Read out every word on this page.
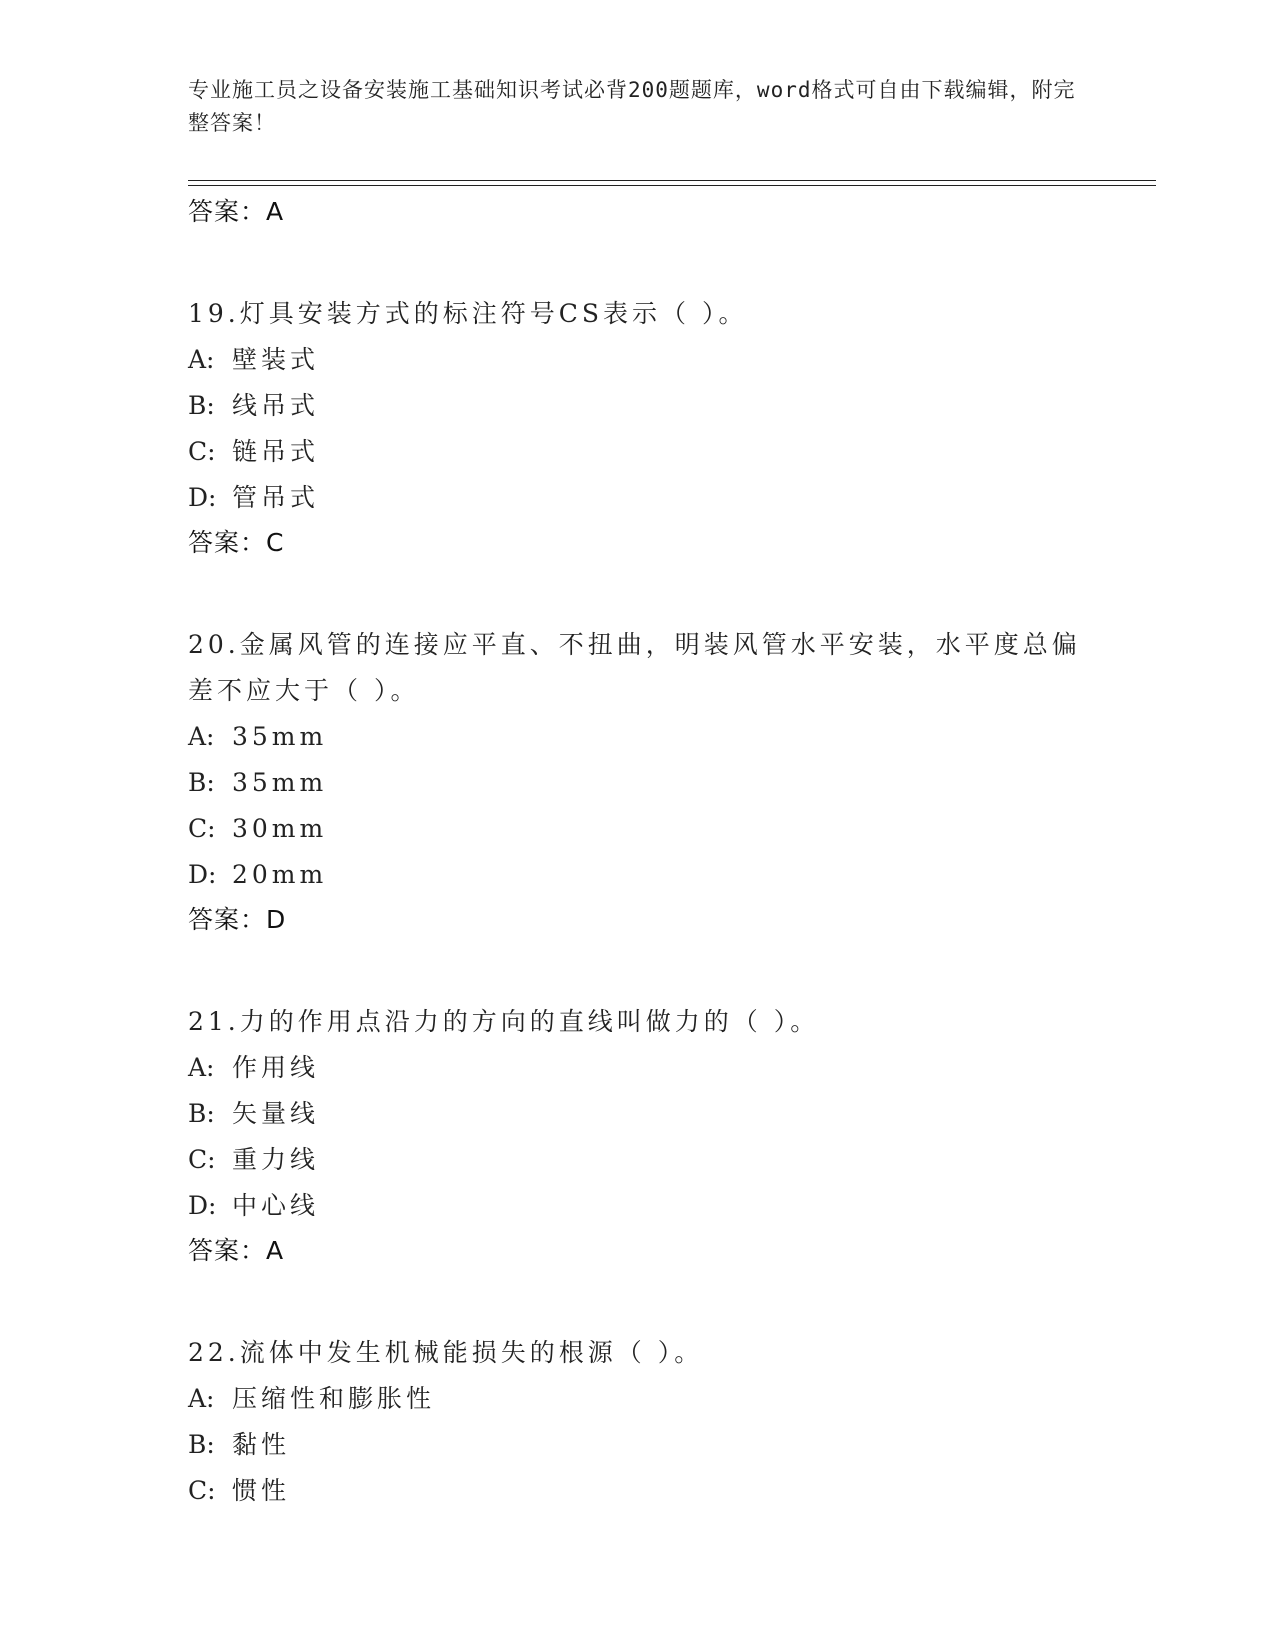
专业施工员之设备安装施工基础知识考试必背200题题库，word格式可自由下载编辑，附完整答案！
答案：A
19.灯具安装方式的标注符号CS表示（ ）。
A: 壁装式
B: 线吊式
C: 链吊式
D: 管吊式
答案：C
20.金属风管的连接应平直、不扭曲，明装风管水平安装，水平度总偏差不应大于（ ）。
A: 35mm
B: 35mm
C: 30mm
D: 20mm
答案：D
21.力的作用点沿力的方向的直线叫做力的（ ）。
A: 作用线
B: 矢量线
C: 重力线
D: 中心线
答案：A
22.流体中发生机械能损失的根源（ ）。
A: 压缩性和膨胀性
B: 黏性
C: 惯性
